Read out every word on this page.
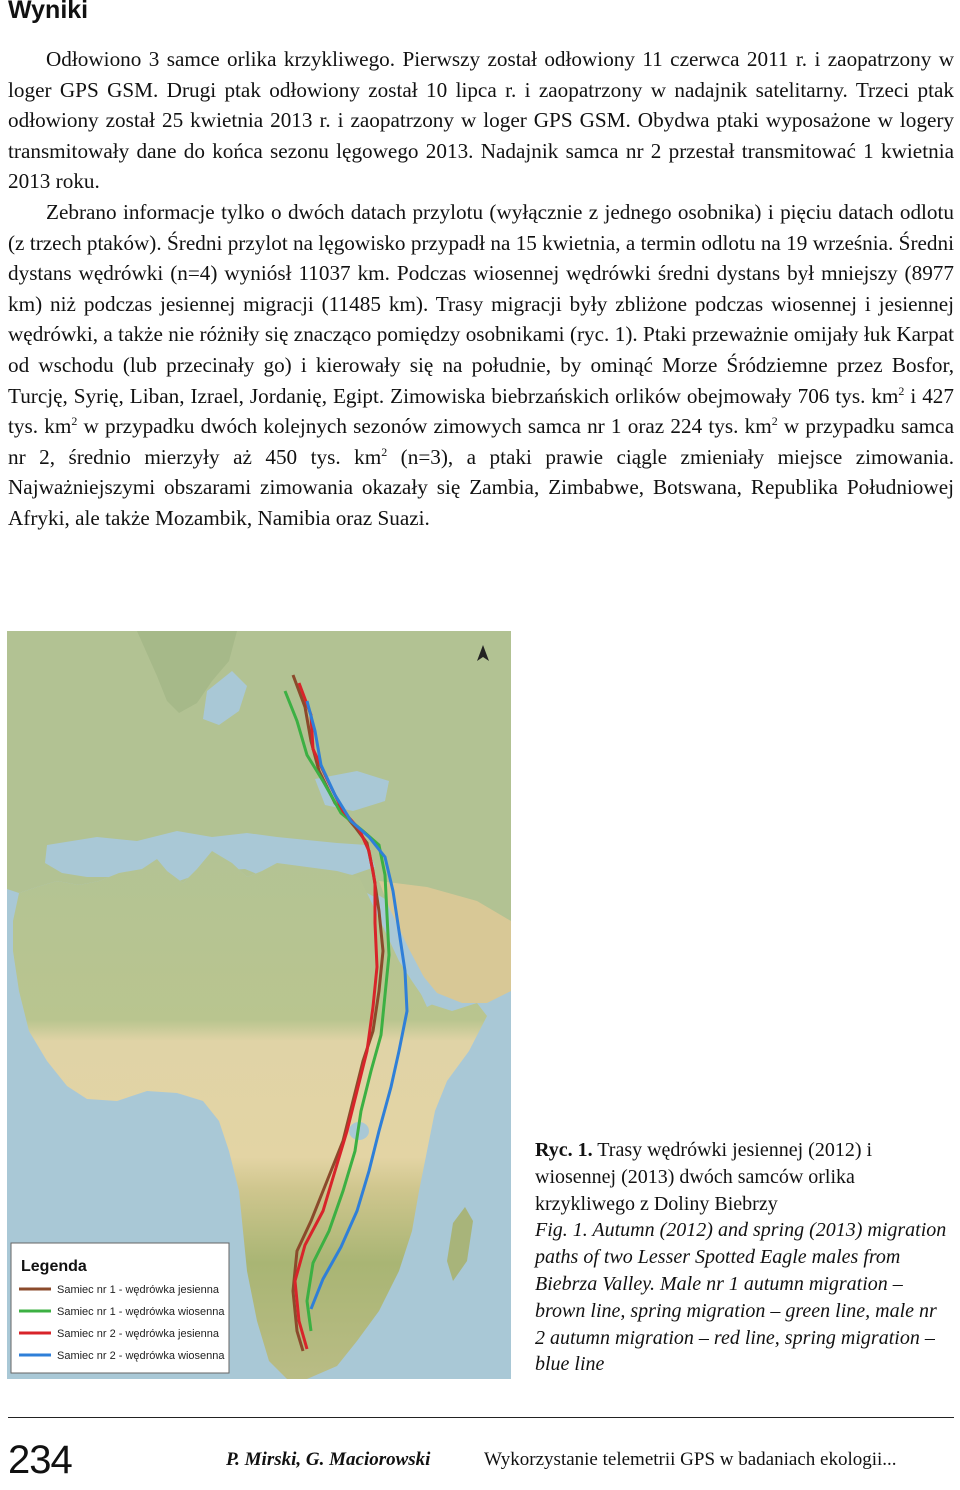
Wyniki

Odłowiono 3 samce orlika krzykliwego. Pierwszy został odłowiony 11 czerwca 2011 r. i zaopatrzony w loger GPS GSM. Drugi ptak odłowiony został 10 lipca r. i zaopatrzony w nadajnik satelitarny. Trzeci ptak odłowiony został 25 kwietnia 2013 r. i zaopatrzony w loger GPS GSM. Obydwa ptaki wyposażone w logery transmitowały dane do końca sezonu lęgowego 2013. Nadajnik samca nr 2 przestał transmitować 1 kwietnia 2013 roku.

Zebrano informacje tylko o dwóch datach przylotu (wyłącznie z jednego osobnika) i pięciu datach odlotu (z trzech ptaków). Średni przylot na lęgowisko przypadł na 15 kwietnia, a termin odlotu na 19 września. Średni dystans wędrówki (n=4) wyniósł 11037 km. Podczas wiosennej wędrówki średni dystans był mniejszy (8977 km) niż podczas jesiennej migracji (11485 km). Trasy migracji były zbliżone podczas wiosennej i jesiennej wędrówki, a także nie różniły się znacząco pomiędzy osobnikami (ryc. 1). Ptaki przeważnie omijały łuk Karpat od wschodu (lub przecinały go) i kierowały się na południe, by ominąć Morze Śródziemne przez Bosfor, Turcję, Syrię, Liban, Izrael, Jordanię, Egipt. Zimowiska biebrzańskich orlików obejmowały 706 tys. $km^2$ i 427 tys. $km^2$ w przypadku dwóch kolejnych sezonów zimowych samca nr 1 oraz 224 tys. $km^2$ w przypadku samca nr 2, średnio mierzyły aż 450 tys. $km^2$ (n=3), a ptaki prawie ciągle zmieniały miejsce zimowania. Najważniejszymi obszarami zimowania okazały się Zambia, Zimbabwe, Botswana, Republika Południowej Afryki, ale także Mozambik, Namibia oraz Suazi.

Legenda
Samiec nr 1 - wędrówka jesienna
Samiec nr 1 - wędrówka wiosenna
Samiec nr 2 - wędrówka jesienna
Samiec nr 2 - wędrówka wiosenna

Ryc. 1. Trasy wędrówki jesiennej (2012) i wiosennej (2013) dwóch samców orlika krzykliwego z Doliny Biebrzy

Fig. 1. Autumn (2012) and spring (2013) migration paths of two Lesser Spotted Eagle males from Biebrza Valley. Male nr 1 autumn migration – brown line, spring migration – green line, male nr 2 autumn migration – red line, spring migration – blue line

234	P. Mirski, G. Maciorowski	Wykorzystanie telemetrii GPS w badaniach ekologii...
